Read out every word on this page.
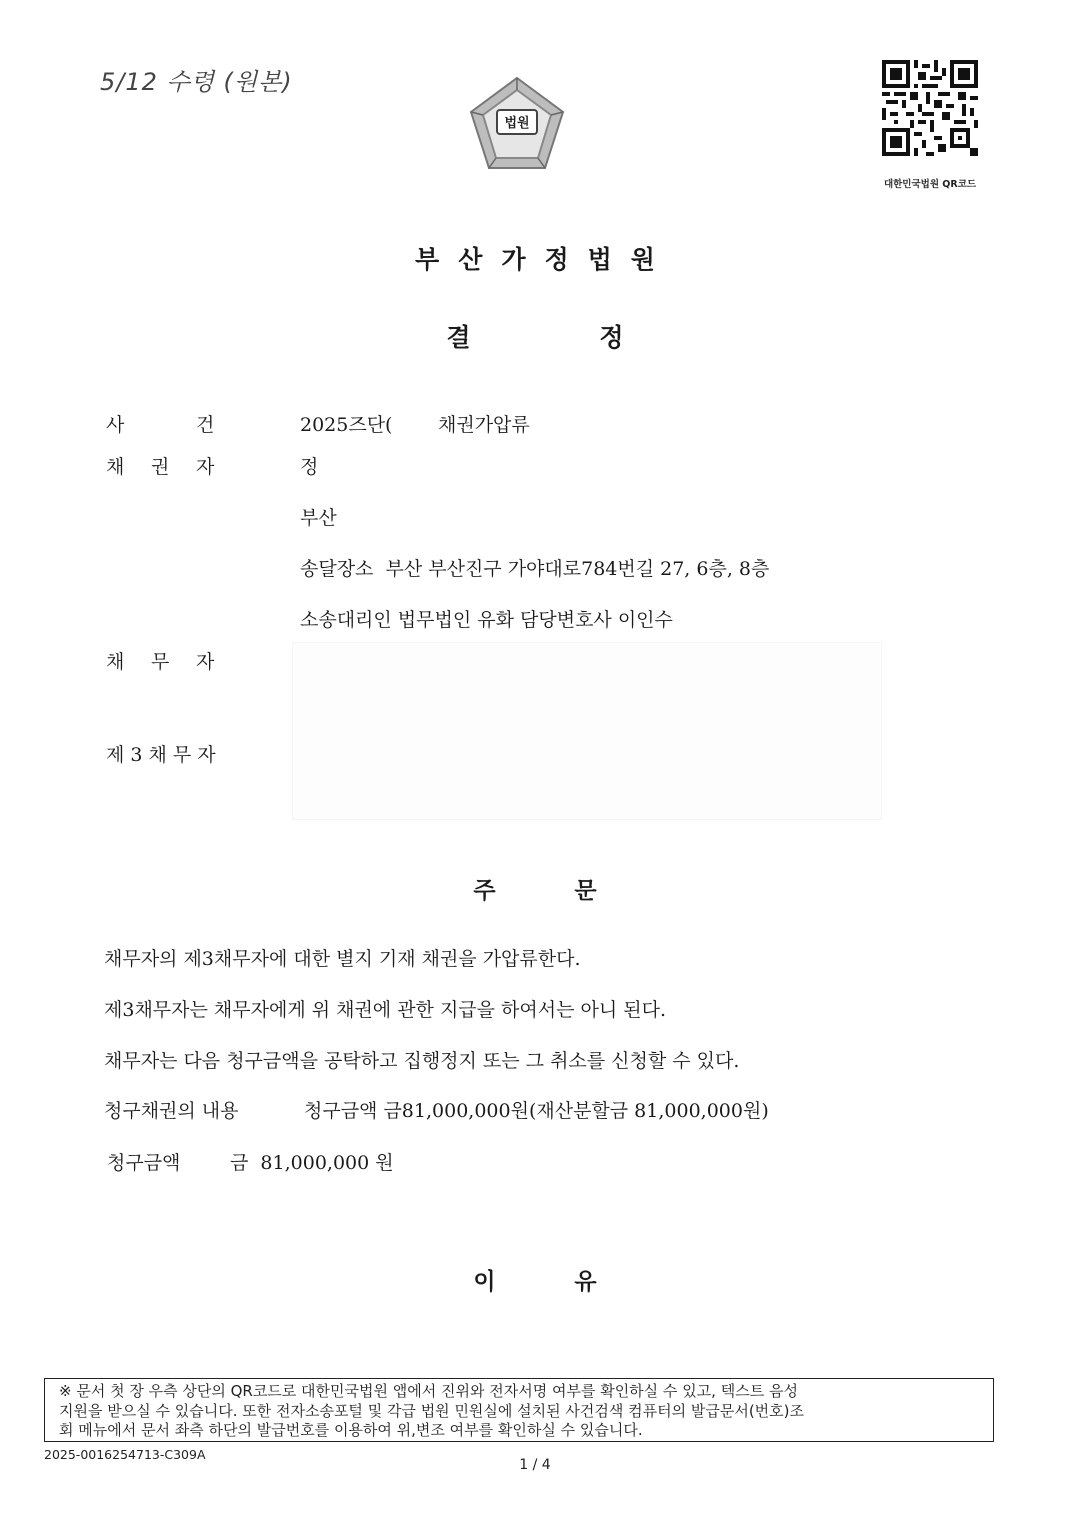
5/12 수령 (원본)
법원
대한민국법원 QR코드
부산가정법원
결	정
사	건	2025즈단( 채권가압류
채 권 자	정
부산
송달장소  부산 부산진구 가야대로784번길 27, 6층, 8층
소송대리인 법무법인 유화 담당변호사 이인수
채 무 자
제 3 채 무 자
주	문
채무자의 제3채무자에 대한 별지 기재 채권을 가압류한다.
제3채무자는 채무자에게 위 채권에 관한 지급을 하여서는 아니 된다.
채무자는 다음 청구금액을 공탁하고 집행정지 또는 그 취소를 신청할 수 있다.
청구채권의 내용	청구금액 금81,000,000원(재산분할금 81,000,000원)
청구금액	금  81,000,000 원
이	유
※ 문서 첫 장 우측 상단의 QR코드로 대한민국법원 앱에서 진위와 전자서명 여부를 확인하실 수 있고, 텍스트 음성
지원을 받으실 수 있습니다. 또한 전자소송포털 및 각급 법원 민원실에 설치된 사건검색 컴퓨터의 발급문서(번호)조
회 메뉴에서 문서 좌측 하단의 발급번호를 이용하여 위,변조 여부를 확인하실 수 있습니다.
2025-0016254713-C309A
1 / 4
